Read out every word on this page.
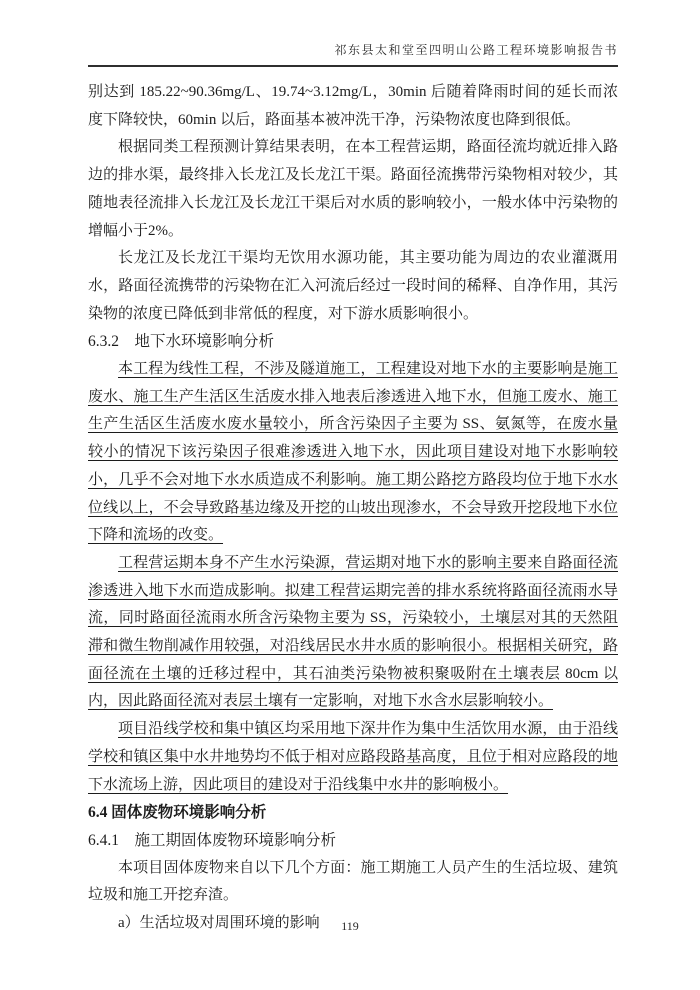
祁东县太和堂至四明山公路工程环境影响报告书

别达到 185.22~90.36mg/L、19.74~3.12mg/L，30min 后随着降雨时间的延长而浓度下降较快，60min 以后，路面基本被冲洗干净，污染物浓度也降到很低。

根据同类工程预测计算结果表明，在本工程营运期，路面径流均就近排入路边的排水渠，最终排入长龙江及长龙江干渠。路面径流携带污染物相对较少，其随地表径流排入长龙江及长龙江干渠后对水质的影响较小，一般水体中污染物的增幅小于2%。

长龙江及长龙江干渠均无饮用水源功能，其主要功能为周边的农业灌溉用水，路面径流携带的污染物在汇入河流后经过一段时间的稀释、自净作用，其污染物的浓度已降低到非常低的程度，对下游水质影响很小。

6.3.2　地下水环境影响分析

本工程为线性工程，不涉及隧道施工，工程建设对地下水的主要影响是施工废水、施工生产生活区生活废水排入地表后渗透进入地下水，但施工废水、施工生产生活区生活废水废水量较小，所含污染因子主要为 SS、氨氮等，在废水量较小的情况下该污染因子很难渗透进入地下水，因此项目建设对地下水影响较小，几乎不会对地下水水质造成不利影响。施工期公路挖方路段均位于地下水水位线以上，不会导致路基边缘及开挖的山坡出现渗水，不会导致开挖段地下水位下降和流场的改变。

工程营运期本身不产生水污染源，营运期对地下水的影响主要来自路面径流渗透进入地下水而造成影响。拟建工程营运期完善的排水系统将路面径流雨水导流，同时路面径流雨水所含污染物主要为 SS，污染较小，土壤层对其的天然阻滞和微生物削减作用较强，对沿线居民水井水质的影响很小。根据相关研究，路面径流在土壤的迁移过程中，其石油类污染物被积聚吸附在土壤表层 80cm 以内，因此路面径流对表层土壤有一定影响，对地下水含水层影响较小。

项目沿线学校和集中镇区均采用地下深井作为集中生活饮用水源，由于沿线学校和镇区集中水井地势均不低于相对应路段路基高度，且位于相对应路段的地下水流场上游，因此项目的建设对于沿线集中水井的影响极小。

6.4 固体废物环境影响分析
6.4.1　施工期固体废物环境影响分析

本项目固体废物来自以下几个方面：施工期施工人员产生的生活垃圾、建筑垃圾和施工开挖弃渣。

a）生活垃圾对周围环境的影响	119
